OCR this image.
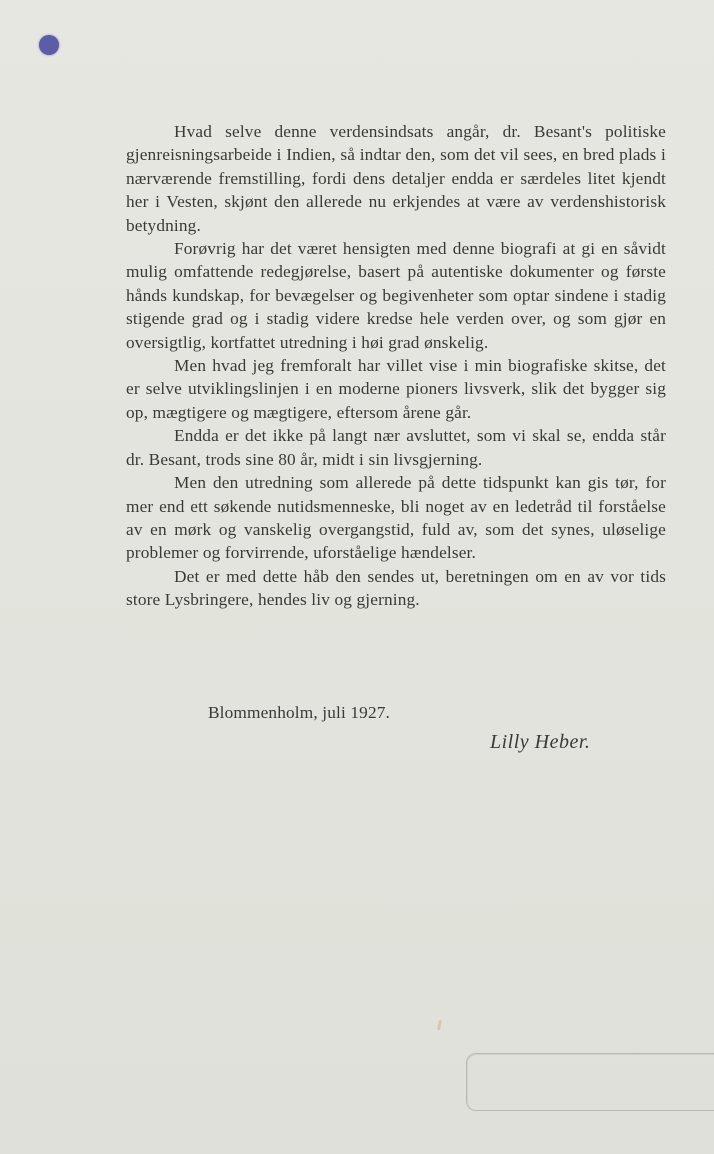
Hvad selve denne verdensindsats angår, dr. Besant's politiske gjenreisningsarbeide i Indien, så indtar den, som det vil sees, en bred plads i nærværende fremstilling, fordi dens detaljer endda er særdeles litet kjendt her i Vesten, skjønt den allerede nu erkjendes at være av verdenshistorisk betydning.

Forøvrig har det været hensigten med denne biografi at gi en såvidt mulig omfattende redegjørelse, basert på autentiske dokumenter og første hånds kundskap, for bevægelser og begivenheter som optar sindene i stadig stigende grad og i stadig videre kredse hele verden over, og som gjør en oversigtlig, kortfattet utredning i høi grad ønskelig.

Men hvad jeg fremforalt har villet vise i min biografiske skitse, det er selve utviklingslinjen i en moderne pioners livsverk, slik det bygger sig op, mægtigere og mægtigere, eftersom årene går.

Endda er det ikke på langt nær avsluttet, som vi skal se, endda står dr. Besant, trods sine 80 år, midt i sin livsgjerning.

Men den utredning som allerede på dette tidspunkt kan gis tør, for mer end ett søkende nutidsmenneske, bli noget av en ledetråd til forståelse av en mørk og vanskelig overgangstid, fuld av, som det synes, uløselige problemer og forvirrende, uforståelige hændelser.

Det er med dette håb den sendes ut, beretningen om en av vor tids store Lysbringere, hendes liv og gjerning.

Blommenholm, juli 1927.
Lilly Heber.
